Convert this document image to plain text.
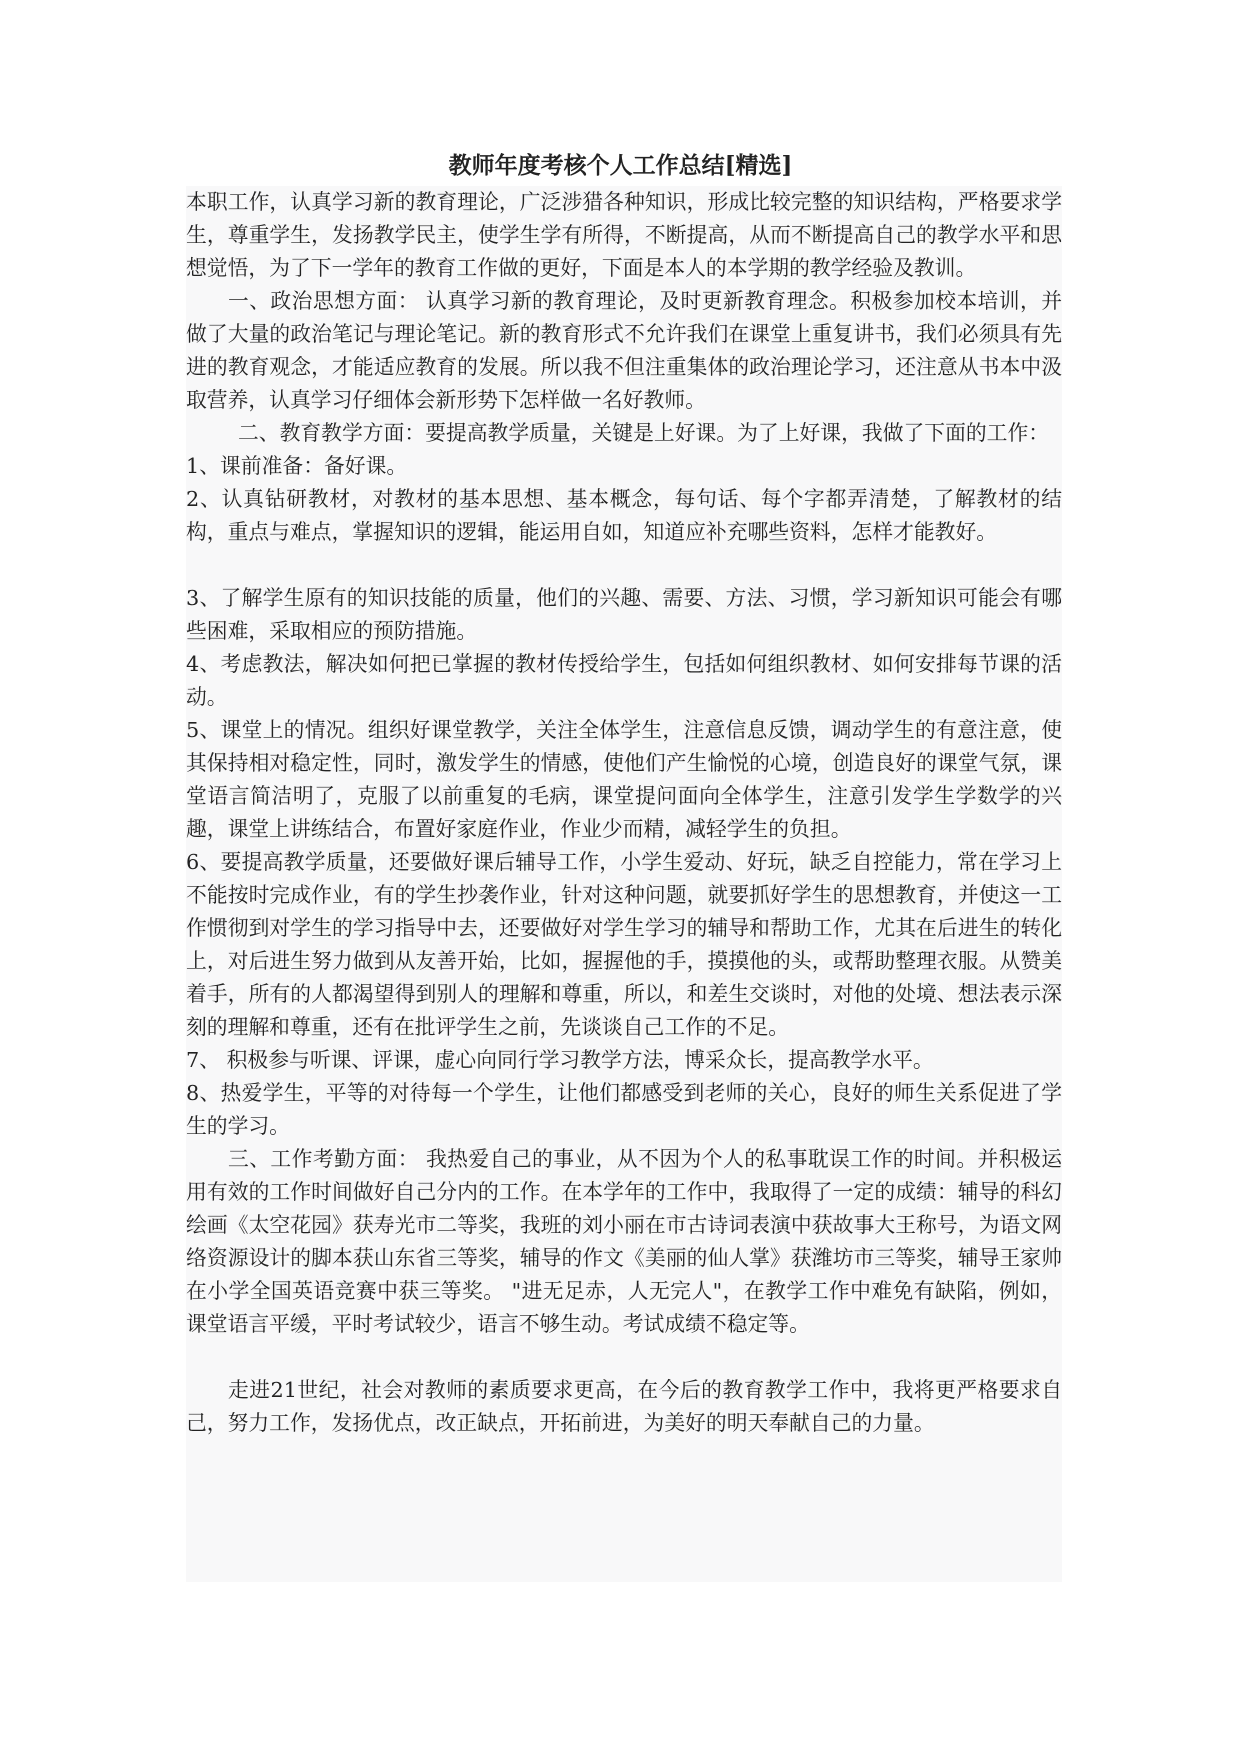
教师年度考核个人工作总结[精选]

本职工作，认真学习新的教育理论，广泛涉猎各种知识，形成比较完整的知识结构，严格要求学生，尊重学生，发扬教学民主，使学生学有所得，不断提高，从而不断提高自己的教学水平和思想觉悟，为了下一学年的教育工作做的更好，下面是本人的本学期的教学经验及教训。

一、政治思想方面： 认真学习新的教育理论，及时更新教育理念。积极参加校本培训，并做了大量的政治笔记与理论笔记。新的教育形式不允许我们在课堂上重复讲书，我们必须具有先进的教育观念，才能适应教育的发展。所以我不但注重集体的政治理论学习，还注意从书本中汲取营养，认真学习仔细体会新形势下怎样做一名好教师。

二、教育教学方面：要提高教学质量，关键是上好课。为了上好课，我做了下面的工作：

1、课前准备：备好课。

2、认真钻研教材，对教材的基本思想、基本概念，每句话、每个字都弄清楚，了解教材的结构，重点与难点，掌握知识的逻辑，能运用自如，知道应补充哪些资料，怎样才能教好。

3、了解学生原有的知识技能的质量，他们的兴趣、需要、方法、习惯，学习新知识可能会有哪些困难，采取相应的预防措施。

4、考虑教法，解决如何把已掌握的教材传授给学生，包括如何组织教材、如何安排每节课的活动。

5、课堂上的情况。组织好课堂教学，关注全体学生，注意信息反馈，调动学生的有意注意，使其保持相对稳定性，同时，激发学生的情感，使他们产生愉悦的心境，创造良好的课堂气氛，课堂语言简洁明了，克服了以前重复的毛病，课堂提问面向全体学生，注意引发学生学数学的兴趣，课堂上讲练结合，布置好家庭作业，作业少而精，减轻学生的负担。

6、要提高教学质量，还要做好课后辅导工作，小学生爱动、好玩，缺乏自控能力，常在学习上不能按时完成作业，有的学生抄袭作业，针对这种问题，就要抓好学生的思想教育，并使这一工作惯彻到对学生的学习指导中去，还要做好对学生学习的辅导和帮助工作，尤其在后进生的转化上，对后进生努力做到从友善开始，比如，握握他的手，摸摸他的头，或帮助整理衣服。从赞美着手，所有的人都渴望得到别人的理解和尊重，所以，和差生交谈时，对他的处境、想法表示深刻的理解和尊重，还有在批评学生之前，先谈谈自己工作的不足。

7、 积极参与听课、评课，虚心向同行学习教学方法，博采众长，提高教学水平。

8、热爱学生，平等的对待每一个学生，让他们都感受到老师的关心，良好的师生关系促进了学生的学习。

三、工作考勤方面： 我热爱自己的事业，从不因为个人的私事耽误工作的时间。并积极运用有效的工作时间做好自己分内的工作。在本学年的工作中，我取得了一定的成绩：辅导的科幻绘画《太空花园》获寿光市二等奖，我班的刘小丽在市古诗词表演中获故事大王称号，为语文网络资源设计的脚本获山东省三等奖，辅导的作文《美丽的仙人掌》获潍坊市三等奖，辅导王家帅在小学全国英语竞赛中获三等奖。 "进无足赤，人无完人"，在教学工作中难免有缺陷，例如，课堂语言平缓，平时考试较少，语言不够生动。考试成绩不稳定等。

走进21世纪，社会对教师的素质要求更高，在今后的教育教学工作中，我将更严格要求自己，努力工作，发扬优点，改正缺点，开拓前进，为美好的明天奉献自己的力量。
